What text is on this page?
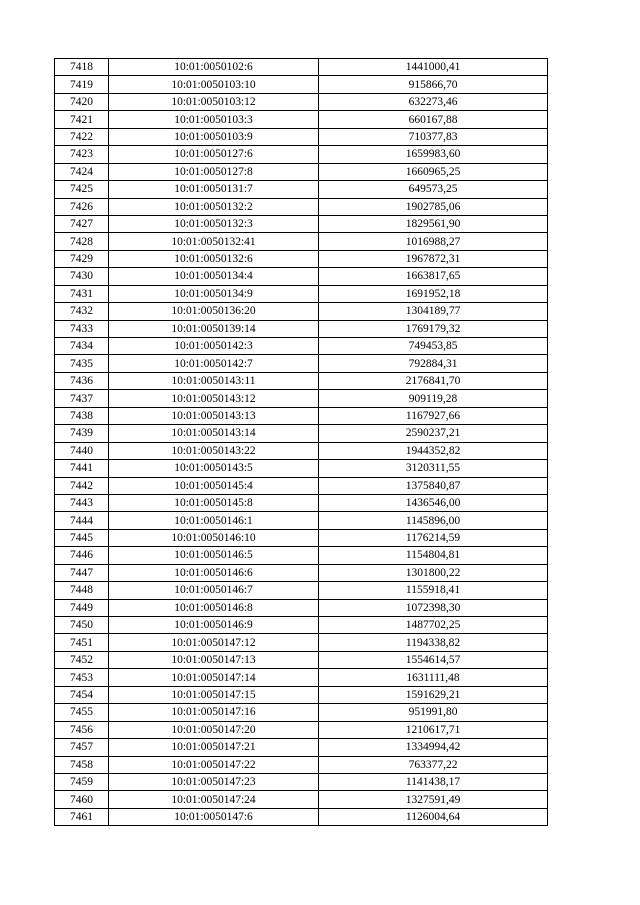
7418	10:01:0050102:6	1441000,41
7419	10:01:0050103:10	915866,70
7420	10:01:0050103:12	632273,46
7421	10:01:0050103:3	660167,88
7422	10:01:0050103:9	710377,83
7423	10:01:0050127:6	1659983,60
7424	10:01:0050127:8	1660965,25
7425	10:01:0050131:7	649573,25
7426	10:01:0050132:2	1902785,06
7427	10:01:0050132:3	1829561,90
7428	10:01:0050132:41	1016988,27
7429	10:01:0050132:6	1967872,31
7430	10:01:0050134:4	1663817,65
7431	10:01:0050134:9	1691952,18
7432	10:01:0050136:20	1304189,77
7433	10:01:0050139:14	1769179,32
7434	10:01:0050142:3	749453,85
7435	10:01:0050142:7	792884,31
7436	10:01:0050143:11	2176841,70
7437	10:01:0050143:12	909119,28
7438	10:01:0050143:13	1167927,66
7439	10:01:0050143:14	2590237,21
7440	10:01:0050143:22	1944352,82
7441	10:01:0050143:5	3120311,55
7442	10:01:0050145:4	1375840,87
7443	10:01:0050145:8	1436546,00
7444	10:01:0050146:1	1145896,00
7445	10:01:0050146:10	1176214,59
7446	10:01:0050146:5	1154804,81
7447	10:01:0050146:6	1301800,22
7448	10:01:0050146:7	1155918,41
7449	10:01:0050146:8	1072398,30
7450	10:01:0050146:9	1487702,25
7451	10:01:0050147:12	1194338,82
7452	10:01:0050147:13	1554614,57
7453	10:01:0050147:14	1631111,48
7454	10:01:0050147:15	1591629,21
7455	10:01:0050147:16	951991,80
7456	10:01:0050147:20	1210617,71
7457	10:01:0050147:21	1334994,42
7458	10:01:0050147:22	763377,22
7459	10:01:0050147:23	1141438,17
7460	10:01:0050147:24	1327591,49
7461	10:01:0050147:6	1126004,64
